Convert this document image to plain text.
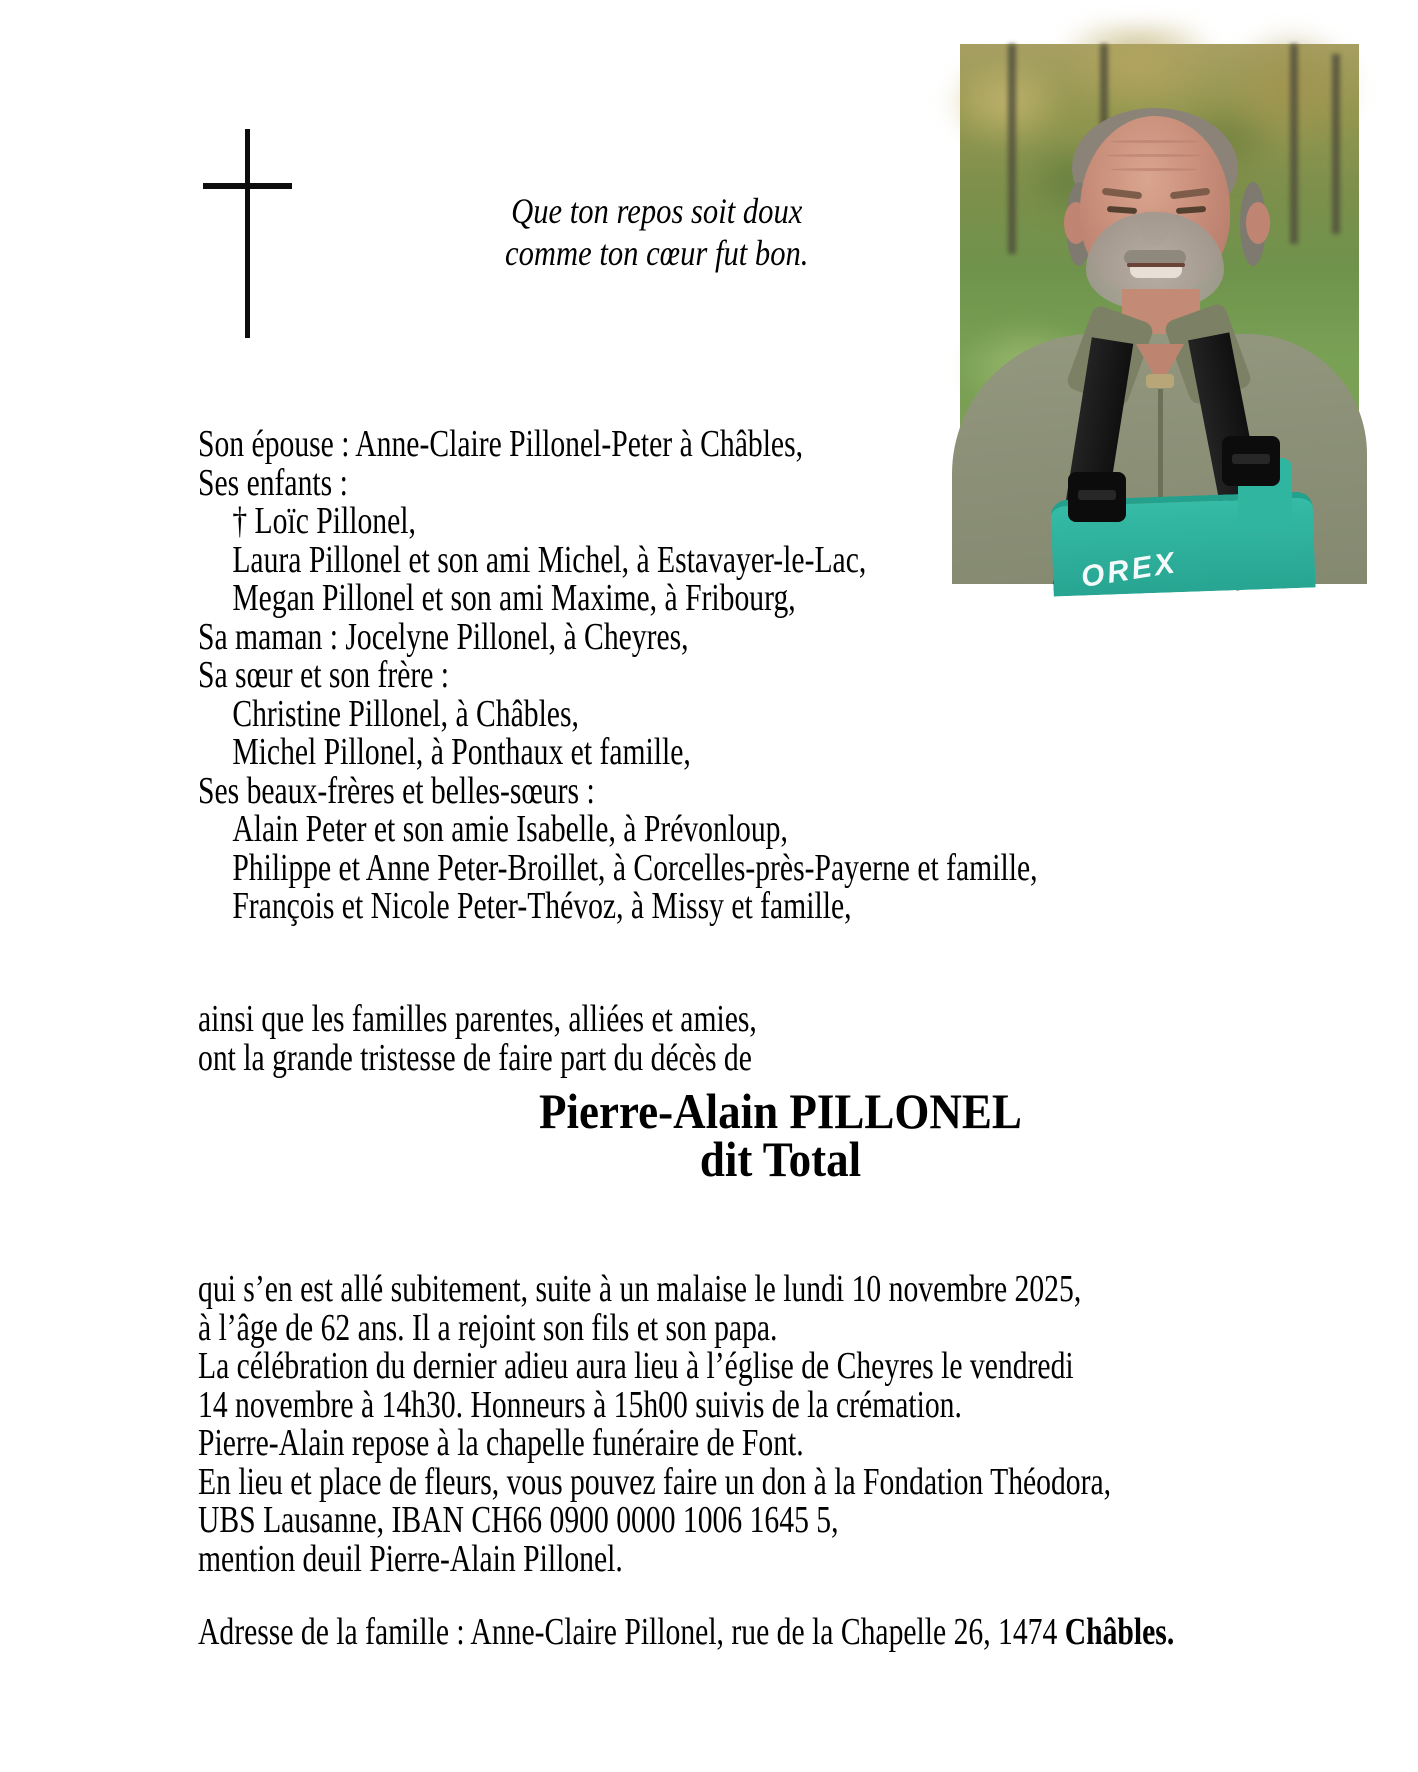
Que ton repos soit doux
comme ton cœur fut bon.
OREX
Son épouse : Anne-Claire Pillonel-Peter à Châbles,
Ses enfants :
† Loïc Pillonel,
Laura Pillonel et son ami Michel, à Estavayer-le-Lac,
Megan Pillonel et son ami Maxime, à Fribourg,
Sa maman : Jocelyne Pillonel, à Cheyres,
Sa sœur et son frère :
Christine Pillonel, à Châbles,
Michel Pillonel, à Ponthaux et famille,
Ses beaux-frères et belles-sœurs :
Alain Peter et son amie Isabelle, à Prévonloup,
Philippe et Anne Peter-Broillet, à Corcelles-près-Payerne et famille,
François et Nicole Peter-Thévoz, à Missy et famille,
ainsi que les familles parentes, alliées et amies,
ont la grande tristesse de faire part du décès de
Pierre-Alain PILLONEL
dit Total
qui s’en est allé subitement, suite à un malaise le lundi 10 novembre 2025,
à l’âge de 62 ans. Il a rejoint son fils et son papa.
La célébration du dernier adieu aura lieu à l’église de Cheyres le vendredi
14 novembre à 14h30. Honneurs à 15h00 suivis de la crémation.
Pierre-Alain repose à la chapelle funéraire de Font.
En lieu et place de fleurs, vous pouvez faire un don à la Fondation Théodora,
UBS Lausanne, IBAN CH66 0900 0000 1006 1645 5,
mention deuil Pierre-Alain Pillonel.
Adresse de la famille : Anne-Claire Pillonel, rue de la Chapelle 26, 1474 Châbles.
